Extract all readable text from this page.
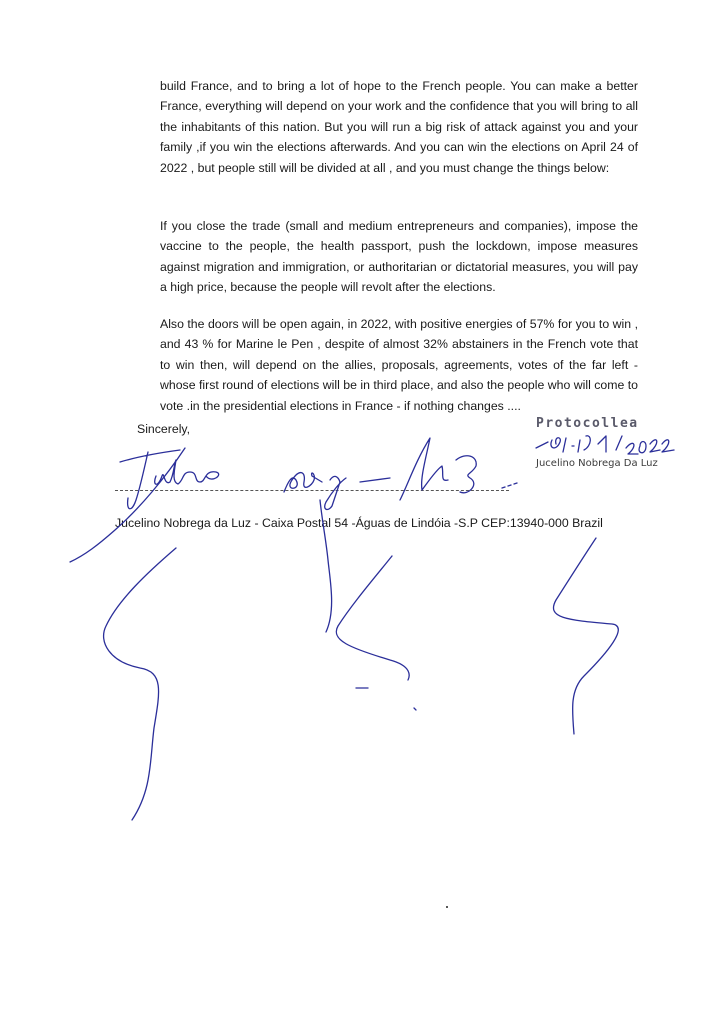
build France, and to bring a lot of hope to the French people. You can make a better France, everything will depend on your work and the confidence that you will bring to all the inhabitants of this nation. But you will run a big risk of attack against you and your family ,if you win the elections afterwards. And you can win the elections on April 24 of 2022 , but people still will be divided at all , and you must change the things below:

If you close the trade (small and medium entrepreneurs and companies), impose the vaccine to the people, the health passport, push the lockdown, impose measures against migration and immigration, or authoritarian or dictatorial measures, you will pay a high price, because the people will revolt after the elections.

Also the doors will be open again, in 2022, with positive energies of 57% for you to win , and 43 % for Marine le Pen , despite of almost 32% abstainers in the French vote that to win then, will depend on the allies, proposals, agreements, votes of the far left - whose first round of elections will be in third place, and also the people who will come to vote .in the presidential elections in France - if nothing changes ....

Sincerely,	Protocollea
Jucelino Nobrega Da Luz

Jucelino Nobrega da Luz - Caixa Postal 54 -Águas de Lindóia -S.P CEP:13940-000 Brazil
